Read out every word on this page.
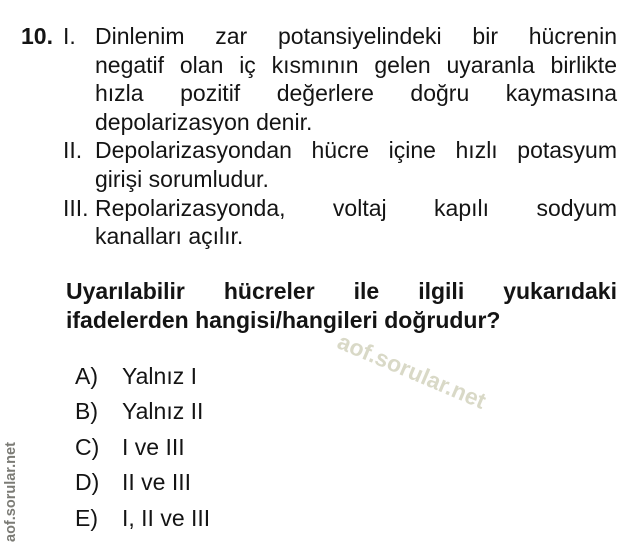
aof.sorular.net
aof.sorular.net
10. I. Dinlenim zar potansiyelindeki bir hücrenin
negatif olan iç kısmının gelen uyaranla birlikte
hızla pozitif değerlere doğru kaymasına
depolarizasyon denir.
II. Depolarizasyondan hücre içine hızlı potasyum
girişi sorumludur.
III. Repolarizasyonda, voltaj kapılı sodyum
kanalları açılır.
Uyarılabilir hücreler ile ilgili yukarıdaki
ifadelerden hangisi/hangileri doğrudur?
A)	Yalnız I
B)	Yalnız II
C) I ve III
D) II ve III
E)	I, II ve III
